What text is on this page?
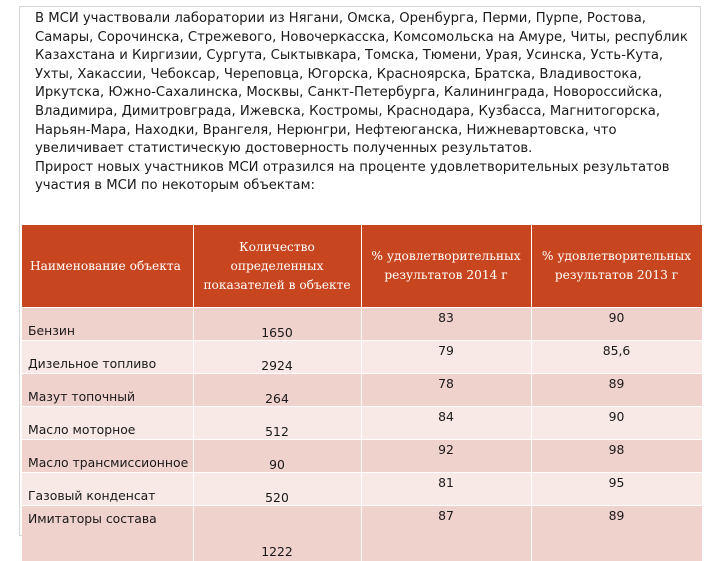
В МСИ участвовали лаборатории из Нягани, Омска, Оренбурга, Перми, Пурпе, Ростова, Самары, Сорочинска, Стрежевого, Новочеркасска, Комсомольска на Амуре, Читы, республик Казахстана и Киргизии, Сургута, Сыктывкара, Томска, Тюмени, Урая, Усинска, Усть-Кута, Ухты, Хакассии, Чебоксар, Череповца, Югорска, Красноярска, Братска, Владивостока, Иркутска, Южно-Сахалинска, Москвы, Санкт-Петербурга, Калининграда, Новороссийска, Владимира, Димитровграда, Ижевска, Костромы, Краснодара, Кузбасса, Магнитогорска, Нарьян-Мара, Находки, Врангеля, Нерюнгри, Нефтеюганска, Нижневартовска, что увеличивает статистическую достоверность полученных результатов.

Прирост новых участников МСИ отразился на проценте удовлетворительных результатов участия в МСИ по некоторым объектам:

Наименование объекта	Количество определенных показателей в объекте	% удовлетворительных результатов 2014 г	% удовлетворительных результатов 2013 г
Бензин	1650	83	90
Дизельное топливо	2924	79	85,6
Мазут топочный	264	78	89
Масло моторное	512	84	90
Масло трансмиссионное	90	92	98
Газовый конденсат	520	81	95
Имитаторы состава	1222	87	89
